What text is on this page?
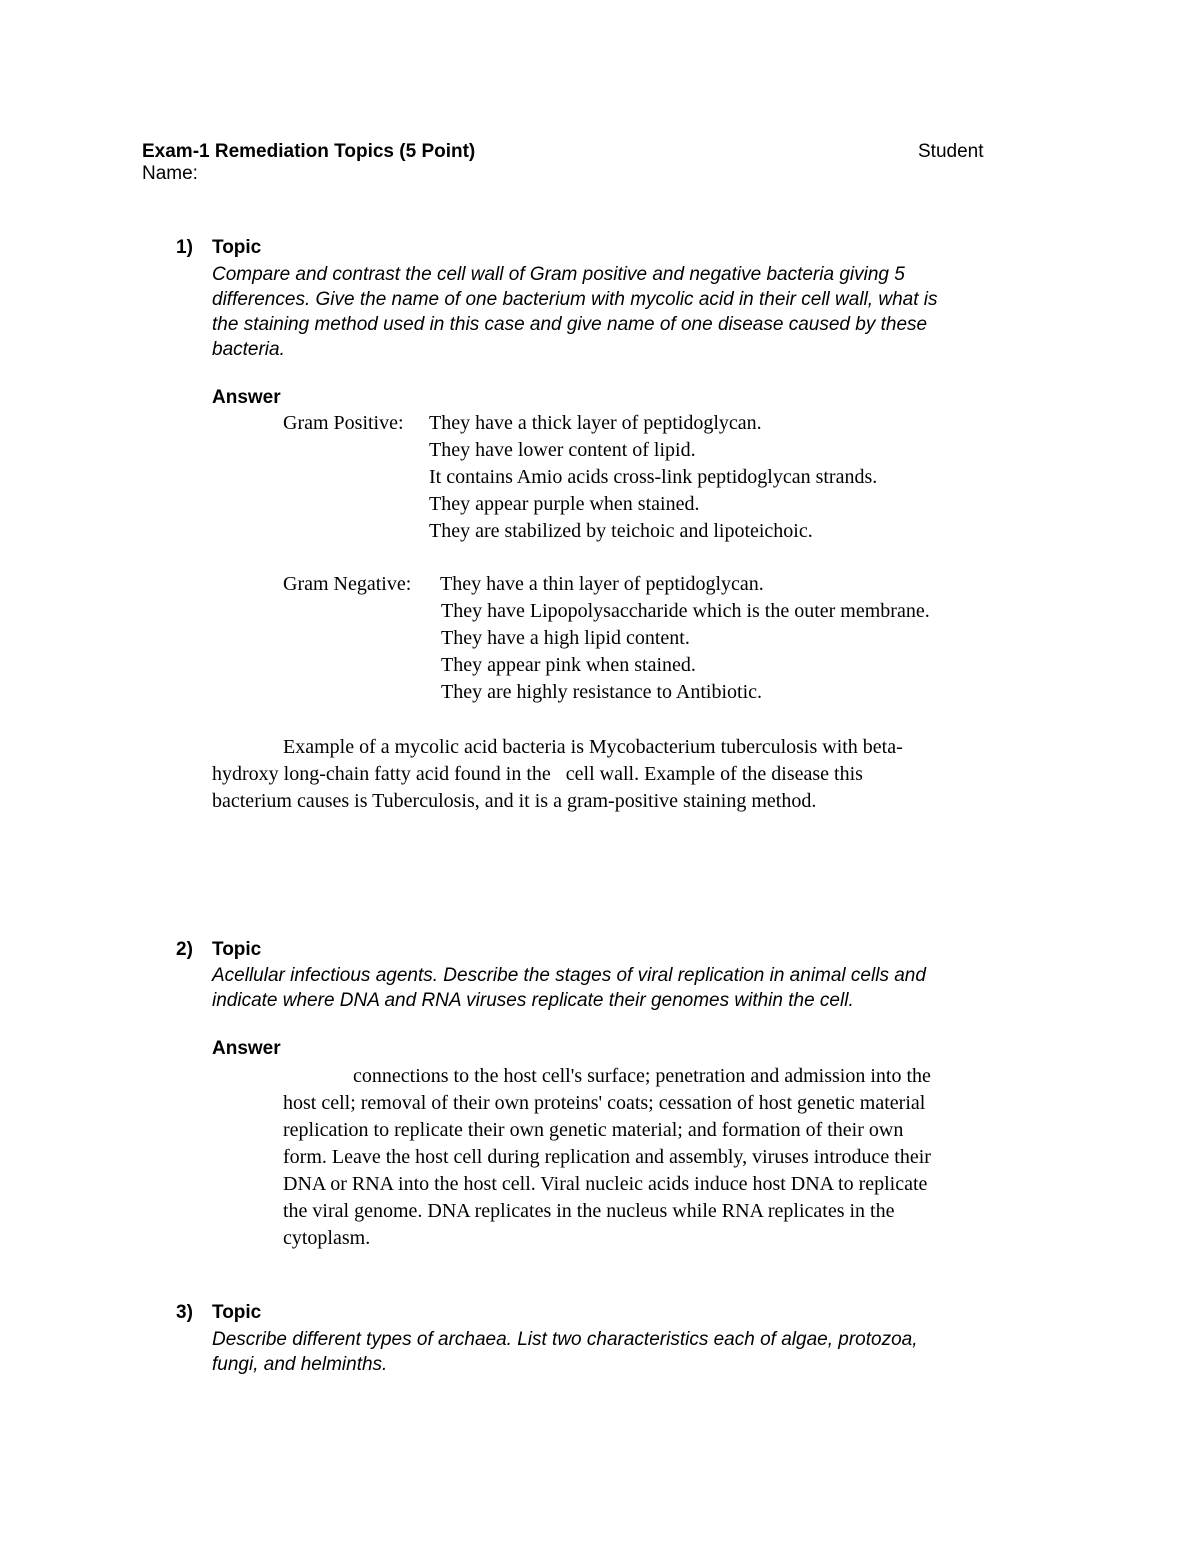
Exam-1 Remediation Topics (5 Point)	Student
Name:
1) Topic
Compare and contrast the cell wall of Gram positive and negative bacteria giving 5
differences. Give the name of one bacterium with mycolic acid in their cell wall, what is
the staining method used in this case and give name of one disease caused by these
bacteria.
Answer
Gram Positive: They have a thick layer of peptidoglycan.
They have lower content of lipid.
It contains Amio acids cross-link peptidoglycan strands.
They appear purple when stained.
They are stabilized by teichoic and lipoteichoic.
Gram Negative: They have a thin layer of peptidoglycan.
They have Lipopolysaccharide which is the outer membrane.
They have a high lipid content.
They appear pink when stained.
They are highly resistance to Antibiotic.
Example of a mycolic acid bacteria is Mycobacterium tuberculosis with beta-
hydroxy long-chain fatty acid found in the   cell wall. Example of the disease this
bacterium causes is Tuberculosis, and it is a gram-positive staining method.
2) Topic
Acellular infectious agents. Describe the stages of viral replication in animal cells and
indicate where DNA and RNA viruses replicate their genomes within the cell.
Answer
connections to the host cell's surface; penetration and admission into the
host cell; removal of their own proteins' coats; cessation of host genetic material
replication to replicate their own genetic material; and formation of their own
form. Leave the host cell during replication and assembly, viruses introduce their
DNA or RNA into the host cell. Viral nucleic acids induce host DNA to replicate
the viral genome. DNA replicates in the nucleus while RNA replicates in the
cytoplasm.
3) Topic
Describe different types of archaea. List two characteristics each of algae, protozoa,
fungi, and helminths.
